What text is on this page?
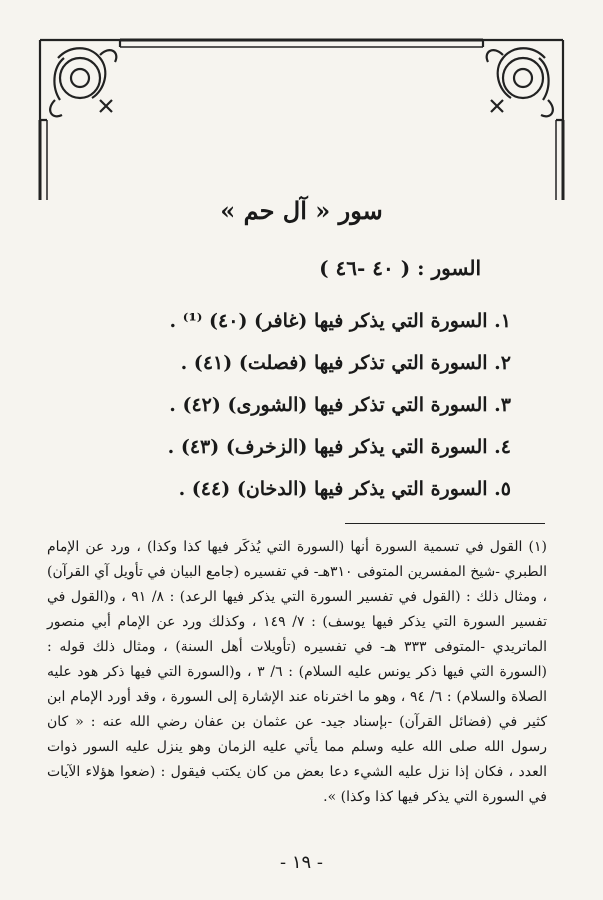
سور « آل حم »
السور : ( ٤٠ -٤٦ )
١. السورة التي يذكر فيها (غافر) (٤٠) ⁽¹⁾ .
٢. السورة التي تذكر فيها (فصلت) (٤١) .
٣. السورة التي تذكر فيها (الشورى) (٤٢) .
٤. السورة التي يذكر فيها (الزخرف) (٤٣) .
٥. السورة التي يذكر فيها (الدخان) (٤٤) .
(١) القول في تسمية السورة أنها (السورة التي يُذكَر فيها كذا وكذا) ، ورد عن الإمام الطبري -شيخ المفسرين المتوفى ٣١٠هـ- في تفسيره (جامع البيان في تأويل آي القرآن) ، ومثال ذلك : (القول في تفسير السورة التي يذكر فيها الرعد) : ٨/ ٩١ ، و(القول في تفسير السورة التي يذكر فيها يوسف) : ٧/ ١٤٩ ، وكذلك ورد عن الإمام أبي منصور الماتريدي -المتوفى ٣٣٣ هـ- في تفسيره (تأويلات أهل السنة) ، ومثال ذلك قوله : (السورة التي فيها ذكر يونس عليه السلام) : ٦/ ٣ ، و(السورة التي فيها ذكر هود عليه الصلاة والسلام) : ٦/ ٩٤ ، وهو ما اخترناه عند الإشارة إلى السورة ، وقد أورد الإمام ابن كثير في (فضائل القرآن) -بإسناد جيد- عن عثمان بن عفان رضي الله عنه : « كان رسول الله صلى الله عليه وسلم مما يأتي عليه الزمان وهو ينزل عليه السور ذوات العدد ، فكان إذا نزل عليه الشيء دعا بعض من كان يكتب فيقول : (ضعوا هؤلاء الآيات في السورة التي يذكر فيها كذا وكذا) ».
- ١٩ -
